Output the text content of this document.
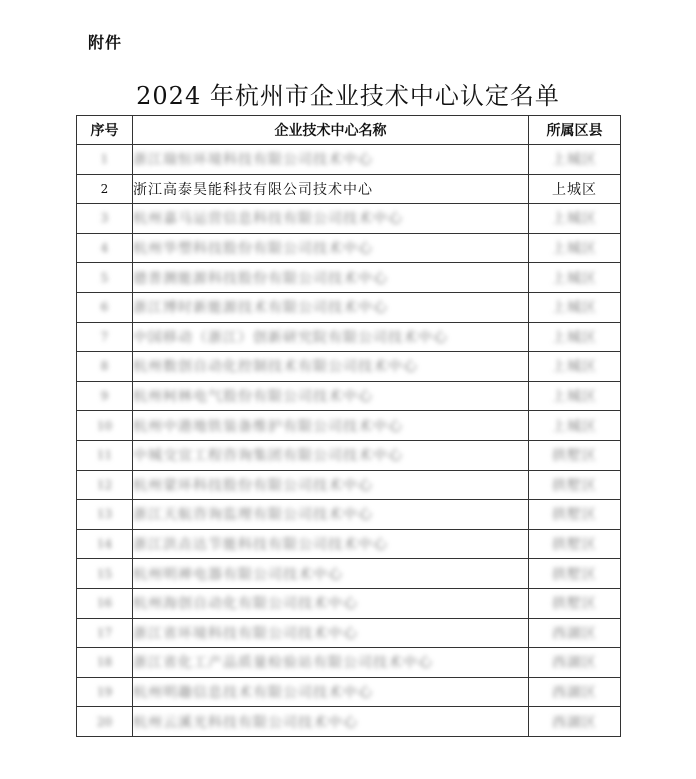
附件
2024 年杭州市企业技术中心认定名单
序号	企业技术中心名称	所属区县
1	浙江瑞恒环境科技有限公司技术中心	上城区
2	浙江高泰昊能科技有限公司技术中心	上城区
3	杭州嘉马运营信息科技有限公司技术中心	上城区
4	杭州华塑科技股份有限公司技术中心	上城区
5	德普测能源科技股份有限公司技术中心	上城区
6	浙江博时新能源技术有限公司技术中心	上城区
7	中国移动（浙江）创新研究院有限公司技术中心	上城区
8	杭州数创自动化控制技术有限公司技术中心	上城区
9	杭州柯林电气股份有限公司技术中心	上城区
10	杭州中港地铁装备维护有限公司技术中心	上城区
11	中城交宜工程咨询集团有限公司技术中心	拱墅区
12	杭州蒙环科技股份有限公司技术中心	拱墅区
13	浙江天航咨询监理有限公司技术中心	拱墅区
14	浙江洪垚达节能科技有限公司技术中心	拱墅区
15	杭州明禅电器有限公司技术中心	拱墅区
16	杭州海创自动化有限公司技术中心	拱墅区
17	浙江省环境科技有限公司技术中心	西湖区
18	浙江省化工产品质量检验站有限公司技术中心	西湖区
19	杭州明趣信息技术有限公司技术中心	西湖区
20	杭州云溪光科技有限公司技术中心	西湖区
